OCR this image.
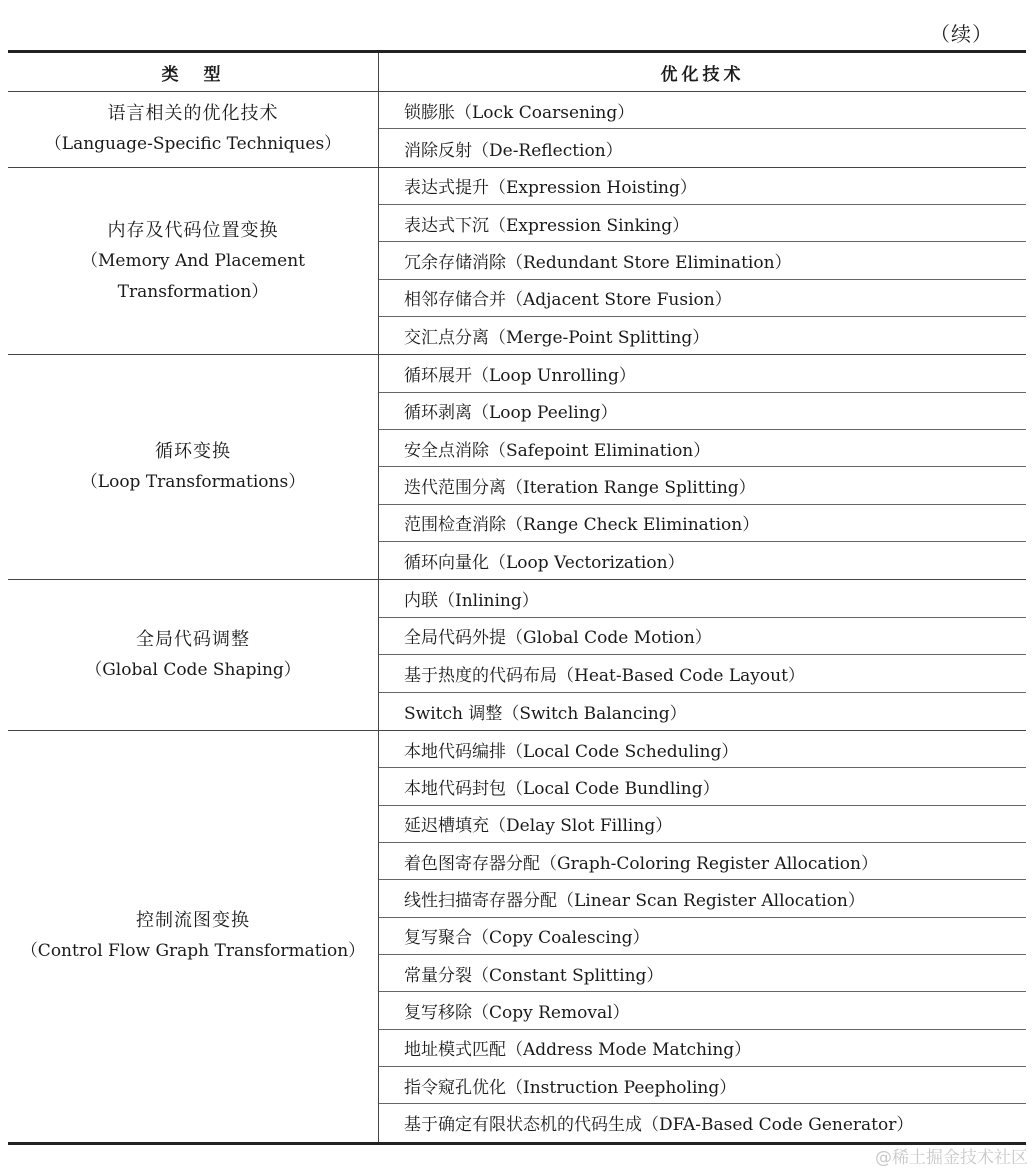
（续）
类　型	优化技术
语言相关的优化技术
（Language-Specific Techniques）
锁膨胀（Lock Coarsening）
消除反射（De-Reflection）
内存及代码位置变换
（Memory And Placement Transformation）
表达式提升（Expression Hoisting）
表达式下沉（Expression Sinking）
冗余存储消除（Redundant Store Elimination）
相邻存储合并（Adjacent Store Fusion）
交汇点分离（Merge-Point Splitting）
循环变换
（Loop Transformations）
循环展开（Loop Unrolling）
循环剥离（Loop Peeling）
安全点消除（Safepoint Elimination）
迭代范围分离（Iteration Range Splitting）
范围检查消除（Range Check Elimination）
循环向量化（Loop Vectorization）
全局代码调整
（Global Code Shaping）
内联（Inlining）
全局代码外提（Global Code Motion）
基于热度的代码布局（Heat-Based Code Layout）
Switch 调整（Switch Balancing）
控制流图变换
（Control Flow Graph Transformation）
本地代码编排（Local Code Scheduling）
本地代码封包（Local Code Bundling）
延迟槽填充（Delay Slot Filling）
着色图寄存器分配（Graph-Coloring Register Allocation）
线性扫描寄存器分配（Linear Scan Register Allocation）
复写聚合（Copy Coalescing）
常量分裂（Constant Splitting）
复写移除（Copy Removal）
地址模式匹配（Address Mode Matching）
指令窥孔优化（Instruction Peepholing）
基于确定有限状态机的代码生成（DFA-Based Code Generator）
@稀土掘金技术社区
